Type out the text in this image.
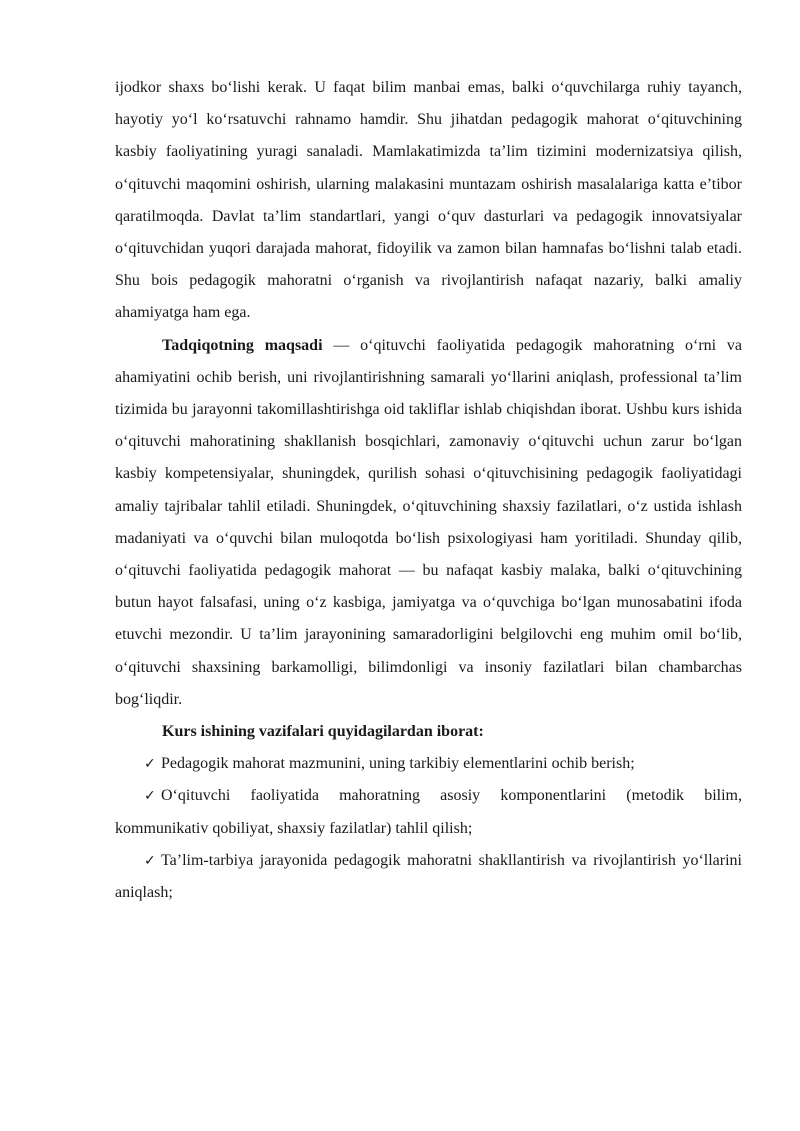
ijodkor shaxs bo‘lishi kerak. U faqat bilim manbai emas, balki o‘quvchilarga ruhiy tayanch, hayotiy yo‘l ko‘rsatuvchi rahnamo hamdir. Shu jihatdan pedagogik mahorat o‘qituvchining kasbiy faoliyatining yuragi sanaladi. Mamlakatimizda ta’lim tizimini modernizatsiya qilish, o‘qituvchi maqomini oshirish, ularning malakasini muntazam oshirish masalalariga katta e’tibor qaratilmoqda. Davlat ta’lim standartlari, yangi o‘quv dasturlari va pedagogik innovatsiyalar o‘qituvchidan yuqori darajada mahorat, fidoyilik va zamon bilan hamnafas bo‘lishni talab etadi. Shu bois pedagogik mahoratni o‘rganish va rivojlantirish nafaqat nazariy, balki amaliy ahamiyatga ham ega.

Tadqiqotning maqsadi — o‘qituvchi faoliyatida pedagogik mahoratning o‘rni va ahamiyatini ochib berish, uni rivojlantirishning samarali yo‘llarini aniqlash, professional ta’lim tizimida bu jarayonni takomillashtirishga oid takliflar ishlab chiqishdan iborat. Ushbu kurs ishida o‘qituvchi mahoratining shakllanish bosqichlari, zamonaviy o‘qituvchi uchun zarur bo‘lgan kasbiy kompetensiyalar, shuningdek, qurilish sohasi o‘qituvchisining pedagogik faoliyatidagi amaliy tajribalar tahlil etiladi. Shuningdek, o‘qituvchining shaxsiy fazilatlari, o‘z ustida ishlash madaniyati va o‘quvchi bilan muloqotda bo‘lish psixologiyasi ham yoritiladi. Shunday qilib, o‘qituvchi faoliyatida pedagogik mahorat — bu nafaqat kasbiy malaka, balki o‘qituvchining butun hayot falsafasi, uning o‘z kasbiga, jamiyatga va o‘quvchiga bo‘lgan munosabatini ifoda etuvchi mezondir. U ta’lim jarayonining samaradorligini belgilovchi eng muhim omil bo‘lib, o‘qituvchi shaxsining barkamolligi, bilimdonligi va insoniy fazilatlari bilan chambarchas bog‘liqdir.

Kurs ishining vazifalari quyidagilardan iborat:

✓ Pedagogik mahorat mazmunini, uning tarkibiy elementlarini ochib berish;

✓ O‘qituvchi faoliyatida mahoratning asosiy komponentlarini (metodik bilim, kommunikativ qobiliyat, shaxsiy fazilatlar) tahlil qilish;

✓ Ta’lim-tarbiya jarayonida pedagogik mahoratni shakllantirish va rivojlantirish yo‘llarini aniqlash;
